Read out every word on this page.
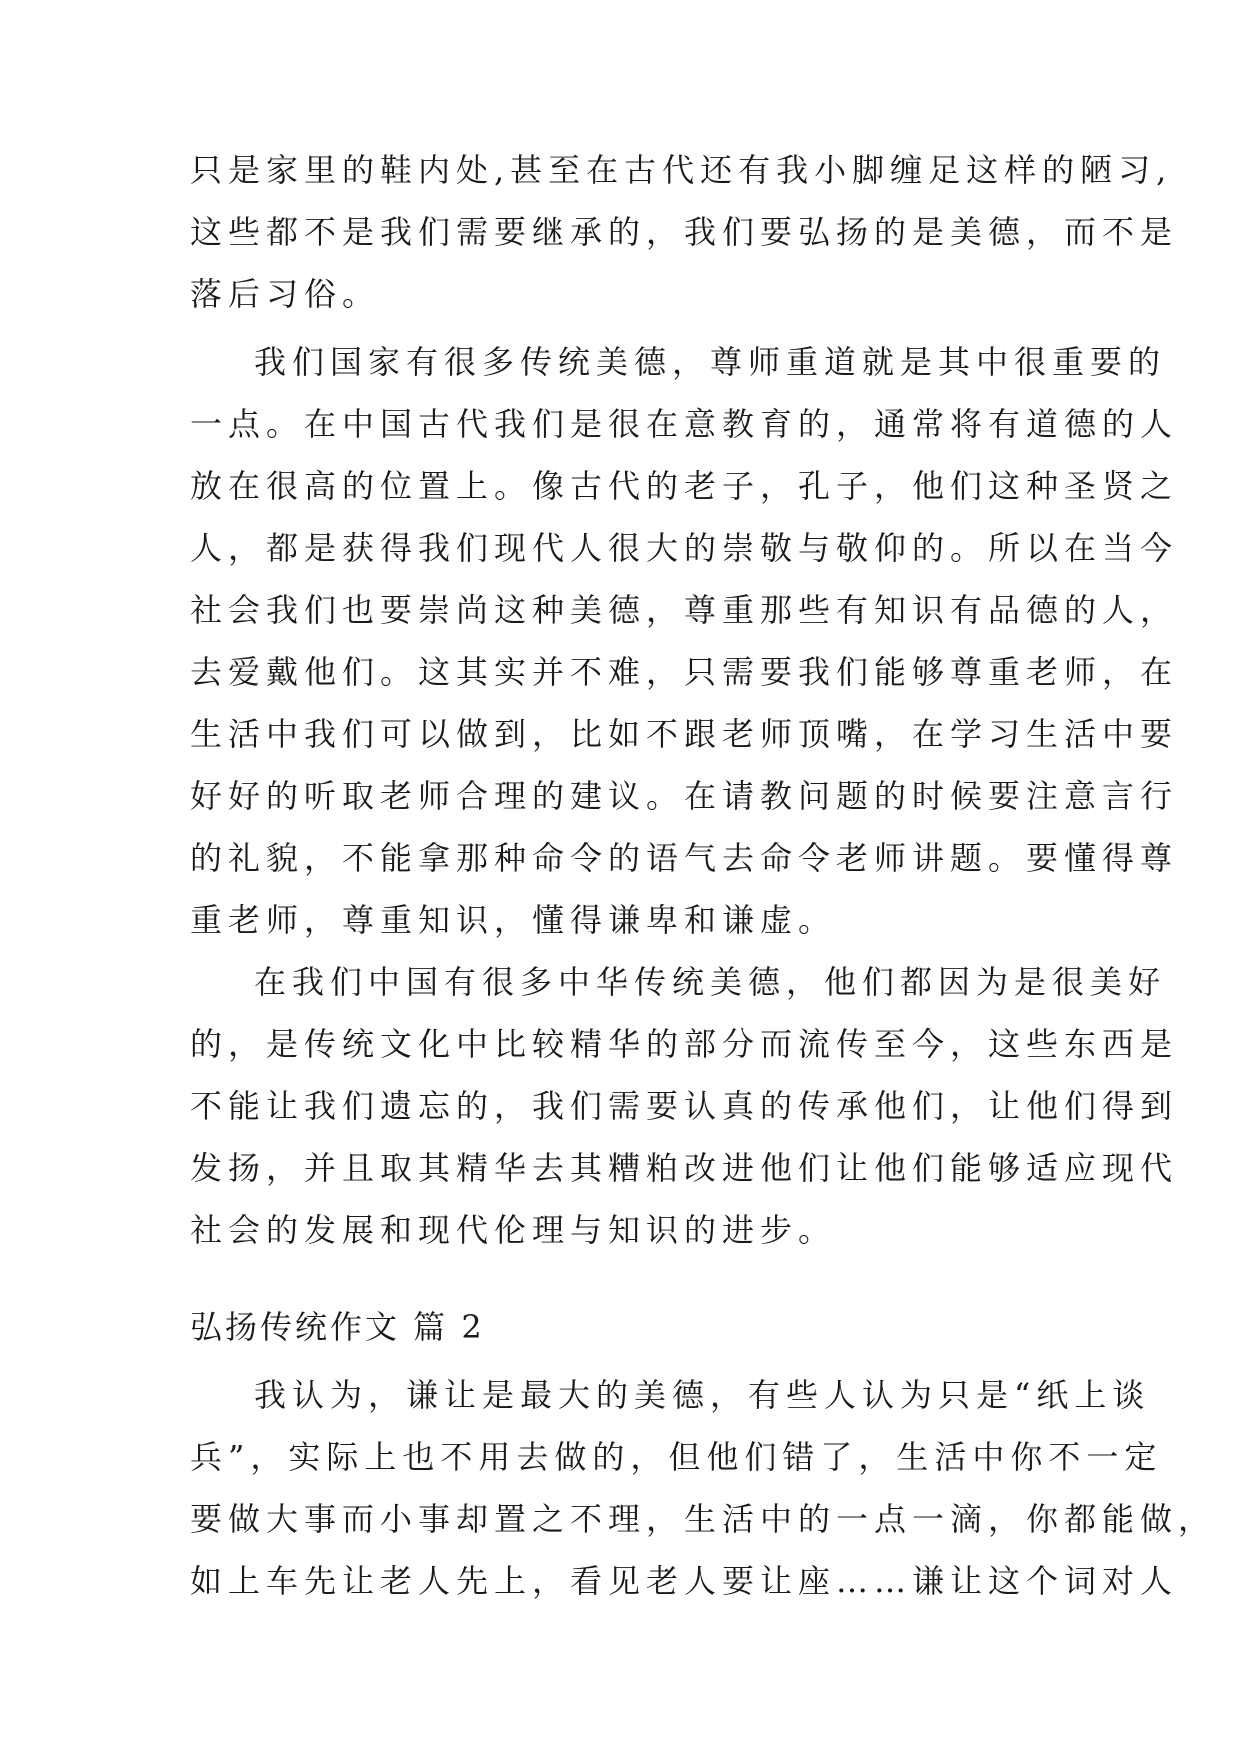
只是家里的鞋内处,甚至在古代还有我小脚缠足这样的陋习,
这些都不是我们需要继承的，我们要弘扬的是美德，而不是
落后习俗。
我们国家有很多传统美德，尊师重道就是其中很重要的
一点。在中国古代我们是很在意教育的，通常将有道德的人
放在很高的位置上。像古代的老子，孔子，他们这种圣贤之
人，都是获得我们现代人很大的崇敬与敬仰的。所以在当今
社会我们也要崇尚这种美德，尊重那些有知识有品德的人，
去爱戴他们。这其实并不难，只需要我们能够尊重老师，在
生活中我们可以做到，比如不跟老师顶嘴，在学习生活中要
好好的听取老师合理的建议。在请教问题的时候要注意言行
的礼貌，不能拿那种命令的语气去命令老师讲题。要懂得尊
重老师，尊重知识，懂得谦卑和谦虚。
在我们中国有很多中华传统美德，他们都因为是很美好
的，是传统文化中比较精华的部分而流传至今，这些东西是
不能让我们遗忘的，我们需要认真的传承他们，让他们得到
发扬，并且取其精华去其糟粕改进他们让他们能够适应现代
社会的发展和现代伦理与知识的进步。
弘扬传统作文 篇 2
我认为，谦让是最大的美德，有些人认为只是“纸上谈
兵”，实际上也不用去做的，但他们错了，生活中你不一定
要做大事而小事却置之不理，生活中的一点一滴，你都能做，
如上车先让老人先上，看见老人要让座……谦让这个词对人
